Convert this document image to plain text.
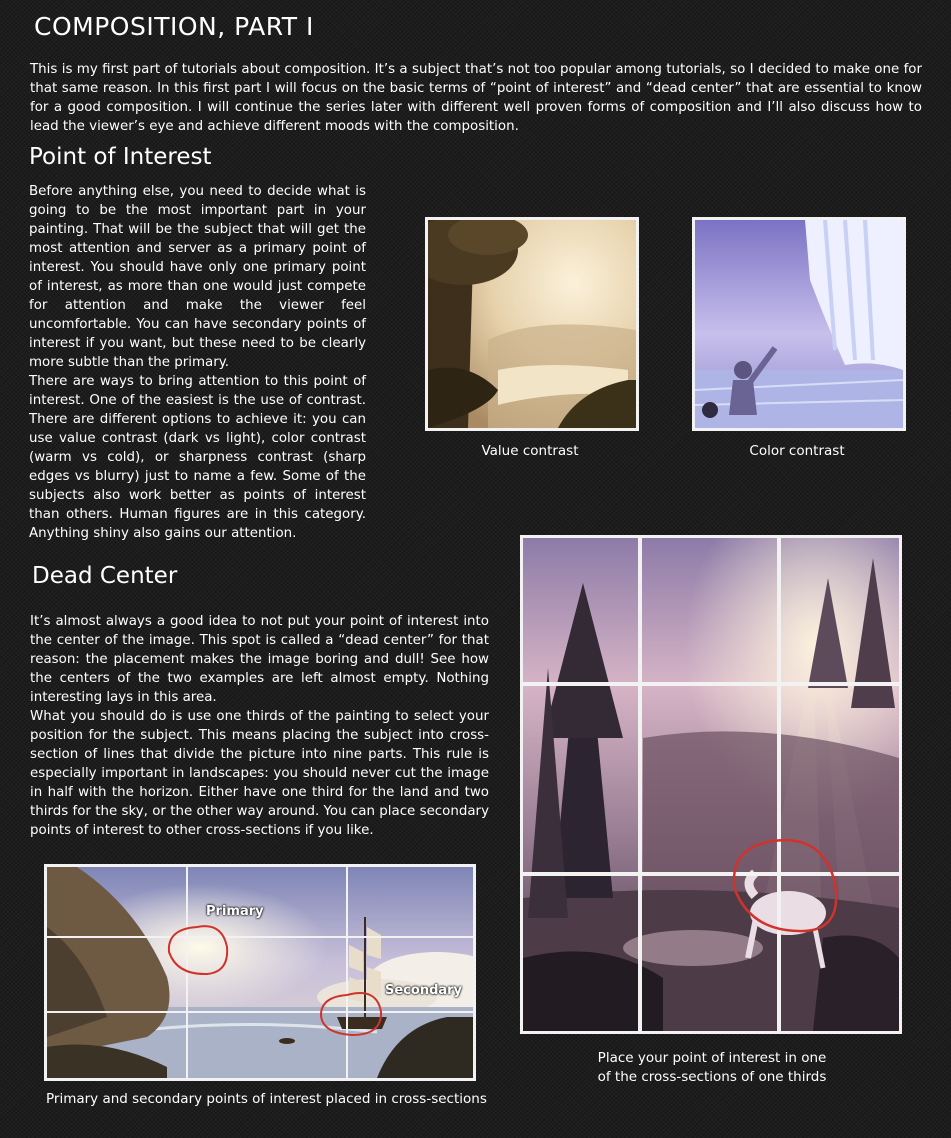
COMPOSITION, PART I

This is my first part of tutorials about composition. It’s a subject that’s not too popular among tutorials, so I decided to make one for that same reason. In this first part I will focus on the basic terms of “point of interest” and “dead center” that are essential to know for a good composition. I will continue the series later with different well proven forms of composition and I’ll also discuss how to lead the viewer’s eye and achieve different moods with the composition.

Point of Interest

Before anything else, you need to decide what is going to be the most important part in your painting. That will be the subject that will get the most attention and server as a primary point of interest. You should have only one primary point of interest, as more than one would just compete for attention and make the viewer feel uncomfortable. You can have secondary points of interest if you want, but these need to be clearly more subtle than the primary.

There are ways to bring attention to this point of interest. One of the easiest is the use of contrast. There are different options to achieve it: you can use value contrast (dark vs light), color contrast (warm vs cold), or sharpness contrast (sharp edges vs blurry) just to name a few. Some of the subjects also work better as points of interest than others. Human figures are in this category. Anything shiny also gains our attention.

Value contrast	Color contrast
Dead Center

It’s almost always a good idea to not put your point of interest into the center of the image. This spot is called a “dead center” for that reason: the placement makes the image boring and dull! See how the centers of the two examples are left almost empty. Nothing interesting lays in this area.

What you should do is use one thirds of the painting to select your position for the subject. This means placing the subject into cross-section of lines that divide the picture into nine parts. This rule is especially important in landscapes: you should never cut the image in half with the horizon. Either have one third for the land and two thirds for the sky, or the other way around. You can place secondary points of interest to other cross-sections if you like.

Place your point of interest in one
of the cross-sections of one thirds
Primary
Secondary
Primary and secondary points of interest placed in cross-sections
